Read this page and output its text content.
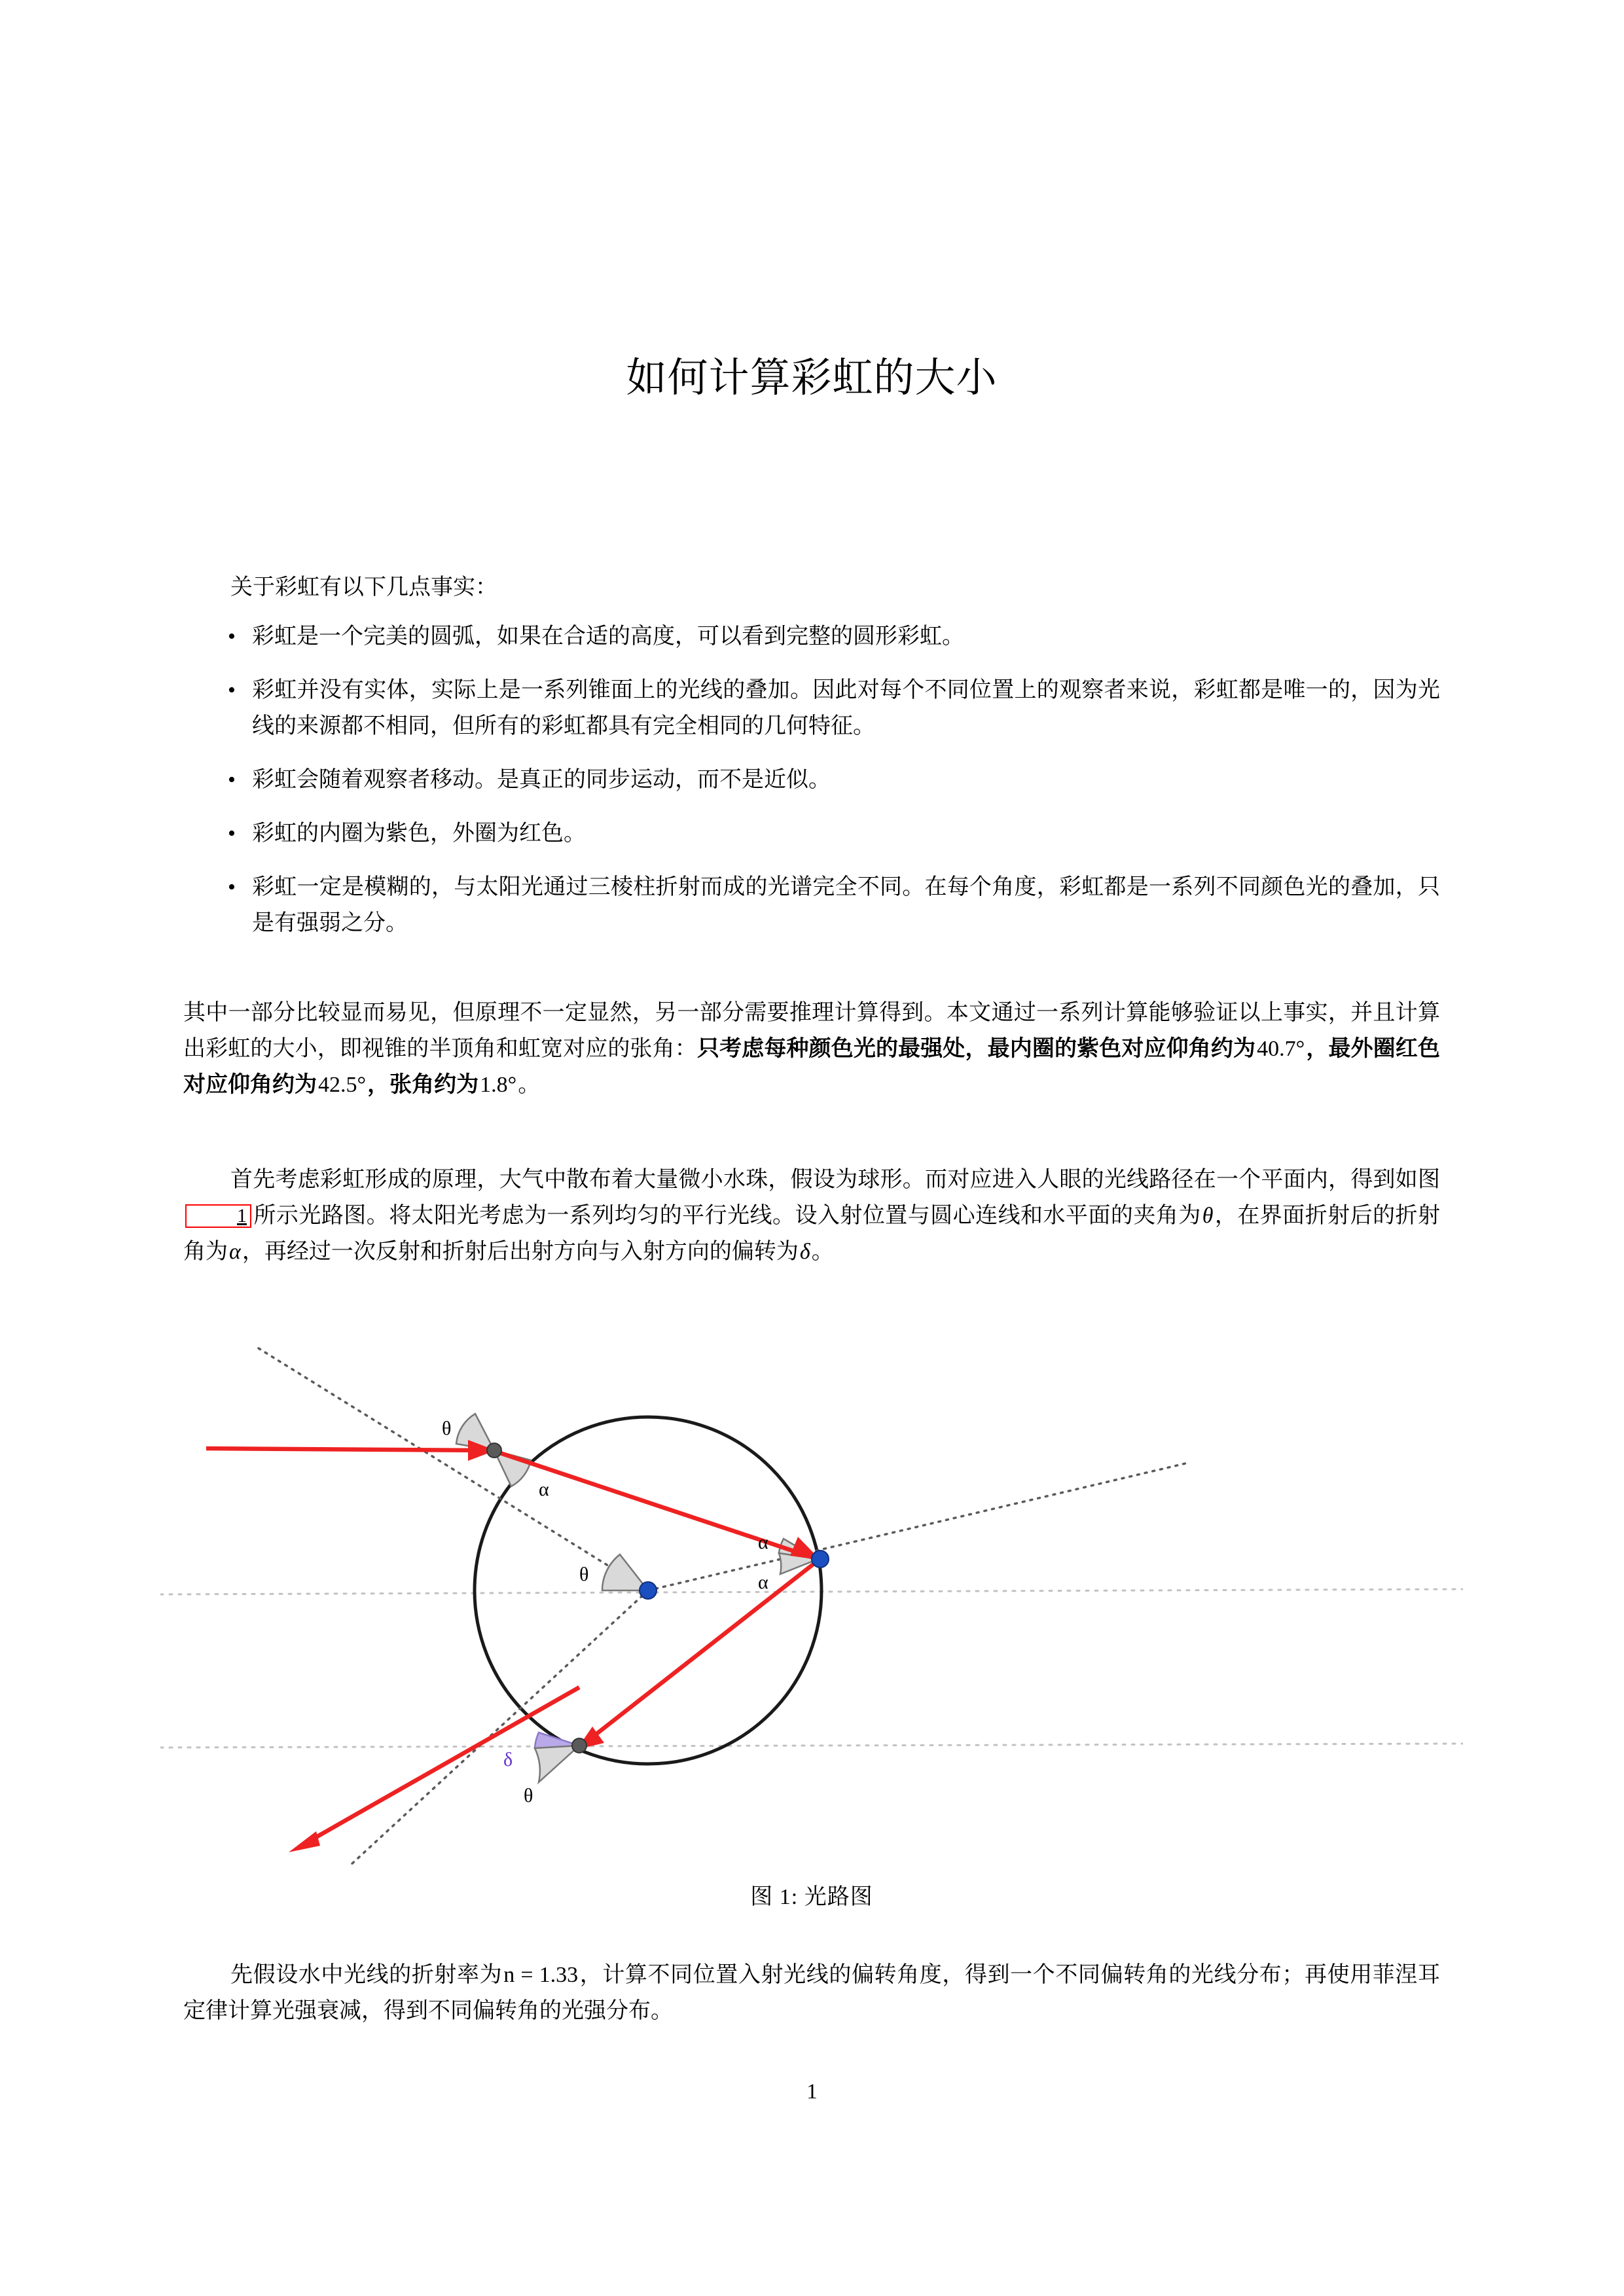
如何计算彩虹的大小
关于彩虹有以下几点事实：
• 彩虹是一个完美的圆弧，如果在合适的高度，可以看到完整的圆形彩虹。
• 彩虹并没有实体，实际上是一系列锥面上的光线的叠加。因此对每个不同位置上的观察者来说，彩虹都是唯一的，因为光线的来源都不相同，但所有的彩虹都具有完全相同的几何特征。
• 彩虹会随着观察者移动。是真正的同步运动，而不是近似。
• 彩虹的内圈为紫色，外圈为红色。
• 彩虹一定是模糊的，与太阳光通过三棱柱折射而成的光谱完全不同。在每个角度，彩虹都是一系列不同颜色光的叠加，只是有强弱之分。

其中一部分比较显而易见，但原理不一定显然，另一部分需要推理计算得到。本文通过一系列计算能够验证以上事实，并且计算出彩虹的大小，即视锥的半顶角和虹宽对应的张角：只考虑每种颜色光的最强处，最内圈的紫色对应仰角约为40.7°，最外圈红色对应仰角约为42.5°，张角约为1.8°。

首先考虑彩虹形成的原理，大气中散布着大量微小水珠，假设为球形。而对应进入人眼的光线路径在一个平面内，得到如图1 所示光路图。将太阳光考虑为一系列均匀的平行光线。设入射位置与圆心连线和水平面的夹角为θ，在界面折射后的折射角为α，再经过一次反射和折射后出射方向与入射方向的偏转为δ。

先假设水中光线的折射率为n = 1.33，计算不同位置入射光线的偏转角度，得到一个不同偏转角的光线分布；再使用菲涅耳定律计算光强衰减，得到不同偏转角的光强分布。

θ
α
α
α
θ
δ
θ
图 1: 光路图
1
